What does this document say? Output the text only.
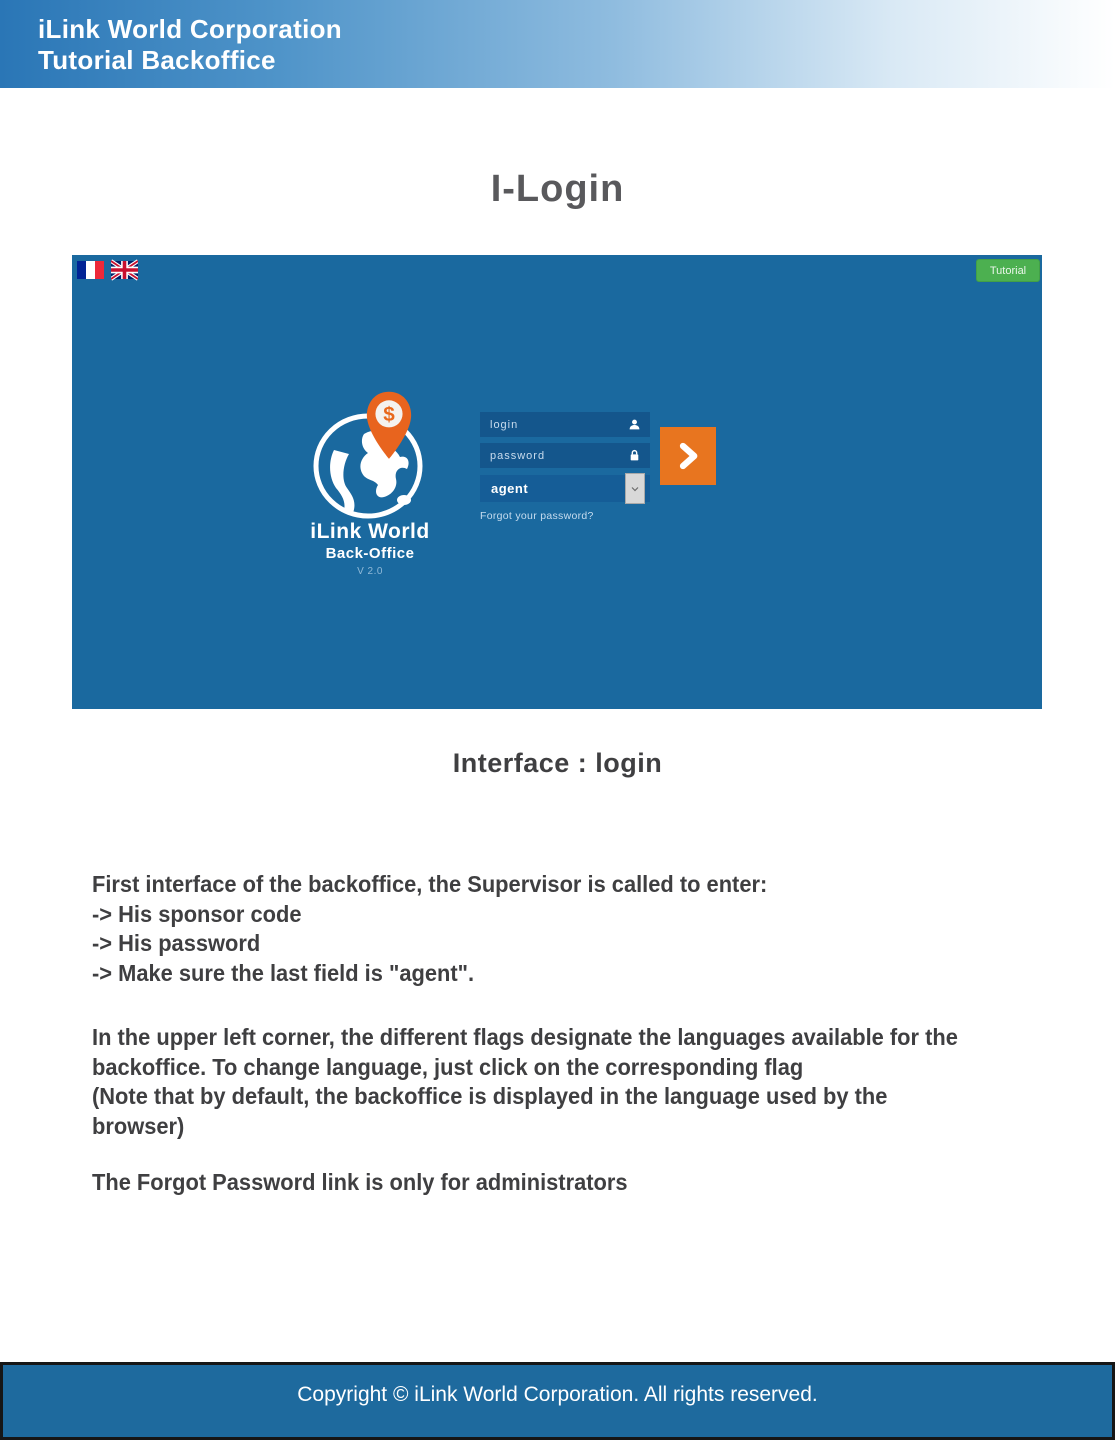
iLink World Corporation
Tutorial Backoffice
I-Login
Tutorial
$
iLink World
Back-Office
V 2.0
login
password
agent
Forgot your password?
Interface : login
First interface of the backoffice, the Supervisor is called to enter:
-> His sponsor code
-> His password
-> Make sure the last field is "agent".
In the upper left corner, the different flags designate the languages available for the
backoffice. To change language, just click on the corresponding flag
(Note that by default, the backoffice is displayed in the language used by the browser)
The Forgot Password link is only for administrators
Copyright © iLink World Corporation. All rights reserved.
